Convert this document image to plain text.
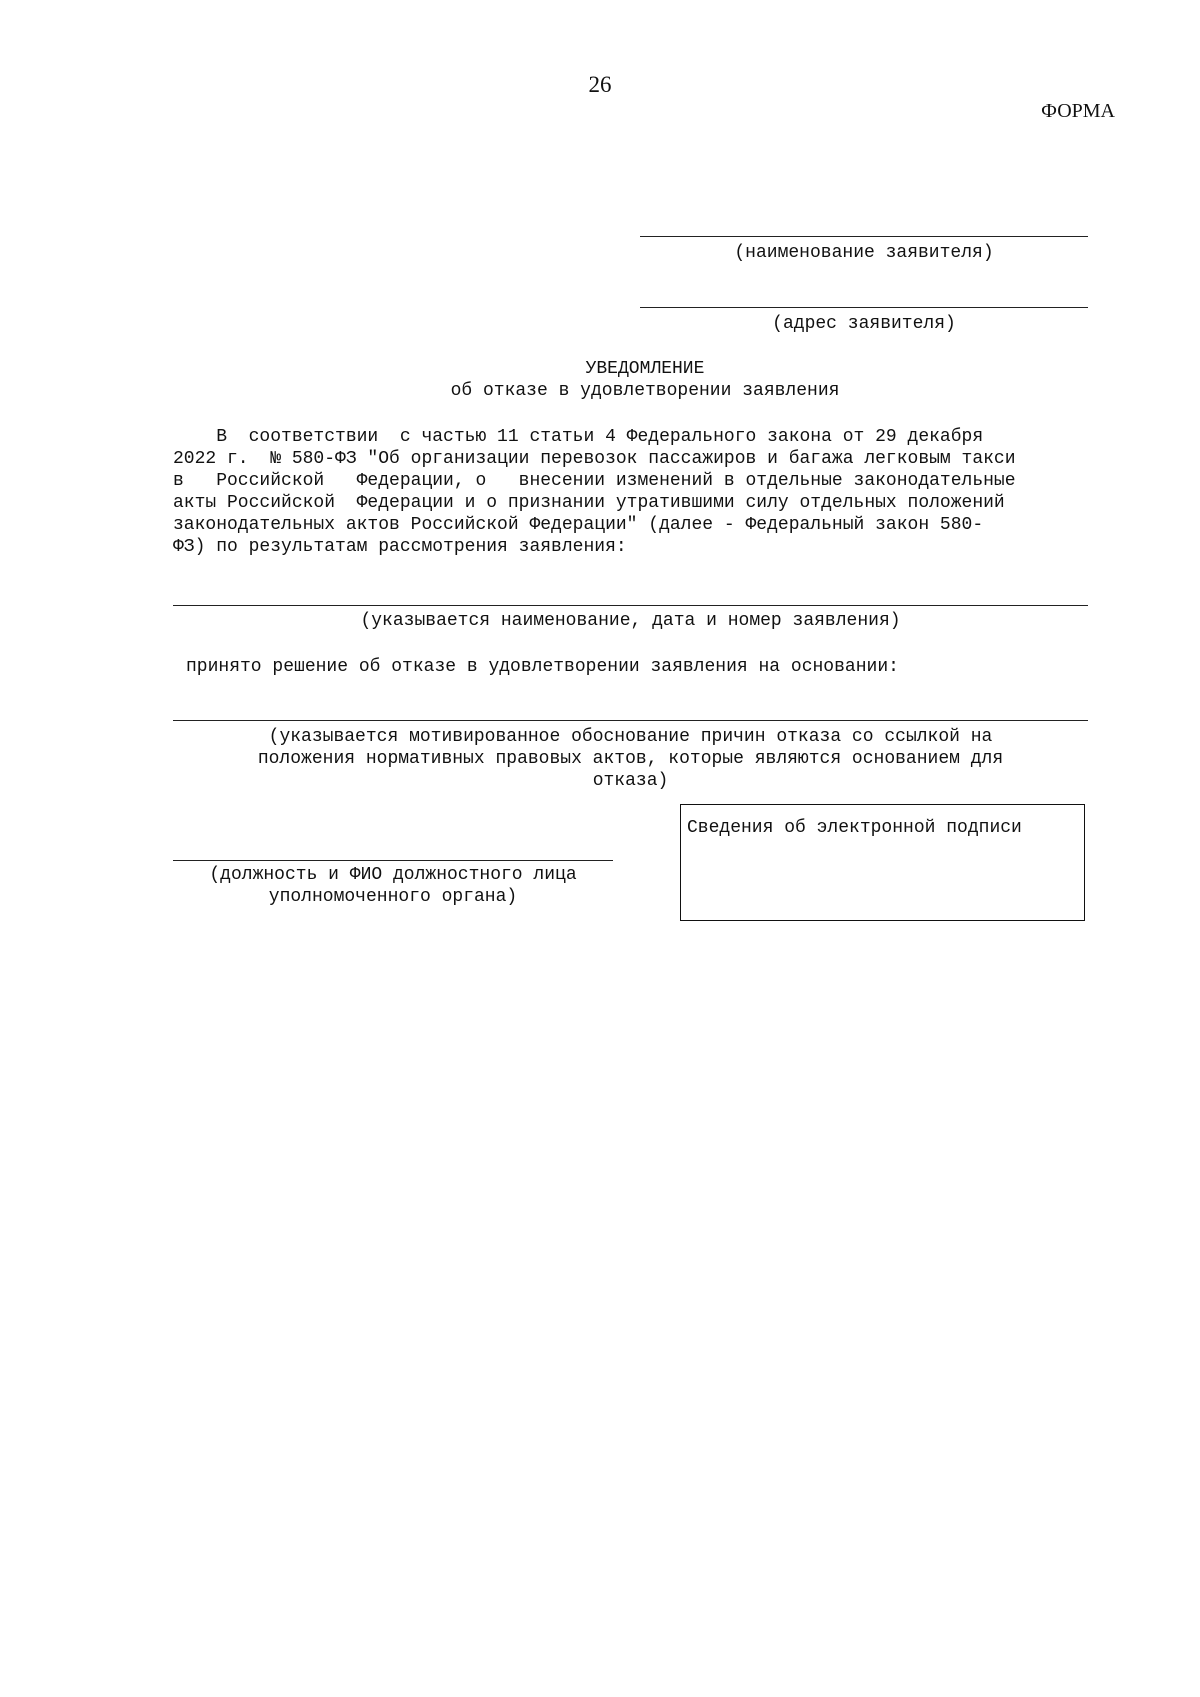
26
ФОРМА
(наименование заявителя)
(адрес заявителя)
УВЕДОМЛЕНИЕ
об отказе в удовлетворении заявления
В  соответствии  с частью 11 статьи 4 Федерального закона от 29 декабря
2022 г.  № 580-ФЗ "Об организации перевозок пассажиров и багажа легковым такси
в   Российской   Федерации, о   внесении изменений в отдельные законодательные
акты Российской  Федерации и о признании утратившими силу отдельных положений
законодательных актов Российской Федерации" (далее - Федеральный закон 580-
ФЗ) по результатам рассмотрения заявления:
(указывается наименование, дата и номер заявления)
принято решение об отказе в удовлетворении заявления на основании:
(указывается мотивированное обоснование причин отказа со ссылкой на
положения нормативных правовых актов, которые являются основанием для
отказа)
(должность и ФИО должностного лица
уполномоченного органа)
Сведения об электронной подписи
